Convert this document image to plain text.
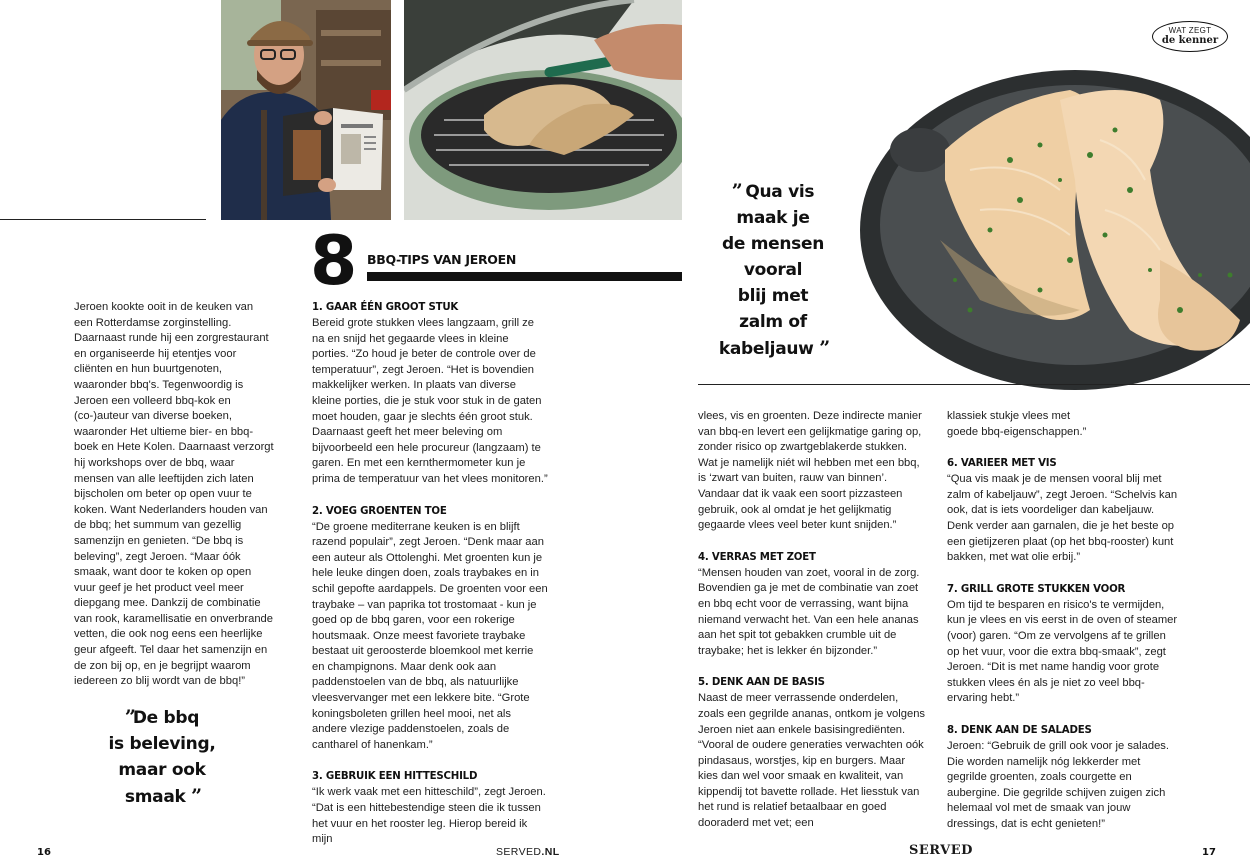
WAT ZEGT
de kenner
8 BBQ-TIPS VAN JEROEN

Jeroen kookte ooit in de keuken van een Rotterdamse zorginstelling. Daarnaast runde hij een zorgrestaurant en organiseerde hij etentjes voor cliënten en hun buurtgenoten, waaronder bbq's. Tegenwoordig is Jeroen een volleerd bbq-kok en (co-)auteur van diverse boeken, waaronder Het ultieme bier- en bbq-boek en Hete Kolen. Daarnaast verzorgt hij workshops over de bbq, waar mensen van alle leeftijden zich laten bijscholen om beter op open vuur te koken. Want Nederlanders houden van de bbq; het summum van gezellig samenzijn en genieten. “De bbq is beleving”, zegt Jeroen. “Maar óók smaak, want door te koken op open vuur geef je het product veel meer diepgang mee. Dankzij de combinatie van rook, karamellisatie en onverbrande vetten, die ook nog eens een heerlijke geur afgeeft. Tel daar het samenzijn en de zon bij op, en je begrijpt waarom iedereen zo blij wordt van de bbq!”

”De bbq
is beleving,
maar ook
smaak ”
1. GAAR ÉÉN GROOT STUK

Bereid grote stukken vlees langzaam, grill ze na en snijd het gegaarde vlees in kleine porties. “Zo houd je beter de controle over de temperatuur”, zegt Jeroen. “Het is bovendien makkelijker werken. In plaats van diverse kleine porties, die je stuk voor stuk in de gaten moet houden, gaar je slechts één groot stuk. Daarnaast geeft het meer beleving om bijvoorbeeld een hele procureur (langzaam) te garen. En met een kernthermometer kun je prima de temperatuur van het vlees monitoren.”

2. VOEG GROENTEN TOE

“De groene mediterrane keuken is en blijft razend populair”, zegt Jeroen. “Denk maar aan een auteur als Ottolenghi. Met groenten kun je hele leuke dingen doen, zoals traybakes en in schil gepofte aardappels. De groenten voor een traybake – van paprika tot trostomaat - kun je goed op de bbq garen, voor een rokerige houtsmaak. Onze meest favoriete traybake bestaat uit geroosterde bloemkool met kerrie en champignons. Maar denk ook aan paddenstoelen van de bbq, als natuurlijke vleesvervanger met een lekkere bite. “Grote koningsboleten grillen heel mooi, net als andere vlezige paddenstoelen, zoals de cantharel of hanenkam.”

3. GEBRUIK EEN HITTESCHILD

“Ik werk vaak met een hitteschild”, zegt Jeroen. “Dat is een hittebestendige steen die ik tussen het vuur en het rooster leg. Hierop bereid ik mijn

” Qua vis
maak je
de mensen
vooral
blij met
zalm of
kabeljauw ”

vlees, vis en groenten. Deze indirecte manier van bbq-en levert een gelijkmatige garing op, zonder risico op zwartgeblakerde stukken. Wat je namelijk niét wil hebben met een bbq, is ‘zwart van buiten, rauw van binnen’. Vandaar dat ik vaak een soort pizzasteen gebruik, ook al omdat je het gelijkmatig gegaarde vlees veel beter kunt snijden.”

4. VERRAS MET ZOET

“Mensen houden van zoet, vooral in de zorg. Bovendien ga je met de combinatie van zoet en bbq echt voor de verrassing, want bijna niemand verwacht het. Van een hele ananas aan het spit tot gebakken crumble uit de traybake; het is lekker én bijzonder.”

5. DENK AAN DE BASIS

Naast de meer verrassende onderdelen, zoals een gegrilde ananas, ontkom je volgens Jeroen niet aan enkele basisingrediënten. “Vooral de oudere generaties verwachten oók pindasaus, worstjes, kip en burgers. Maar kies dan wel voor smaak en kwaliteit, van kippendij tot bavette rollade. Het liesstuk van het rund is relatief betaalbaar en goed dooraderd met vet; een

klassiek stukje vlees met goede bbq-eigenschappen.”

6. VARIEER MET VIS

“Qua vis maak je de mensen vooral blij met zalm of kabeljauw”, zegt Jeroen. “Schelvis kan ook, dat is iets voordeliger dan kabeljauw. Denk verder aan garnalen, die je het beste op een gietijzeren plaat (op het bbq-rooster) kunt bakken, met wat olie erbij.”

7. GRILL GROTE STUKKEN VOOR

Om tijd te besparen en risico's te vermijden, kun je vlees en vis eerst in de oven of steamer (voor) garen. “Om ze vervolgens af te grillen op het vuur, voor die extra bbq-smaak”, zegt Jeroen. “Dit is met name handig voor grote stukken vlees én als je niet zo veel bbq-ervaring hebt.”

8. DENK AAN DE SALADES

Jeroen: “Gebruik de grill ook voor je salades. Die worden namelijk nóg lekkerder met gegrilde groenten, zoals courgette en aubergine. Die gegrilde schijven zuigen zich helemaal vol met de smaak van jouw dressings, dat is echt genieten!”

16	SERVED.NL	SERVED	17
